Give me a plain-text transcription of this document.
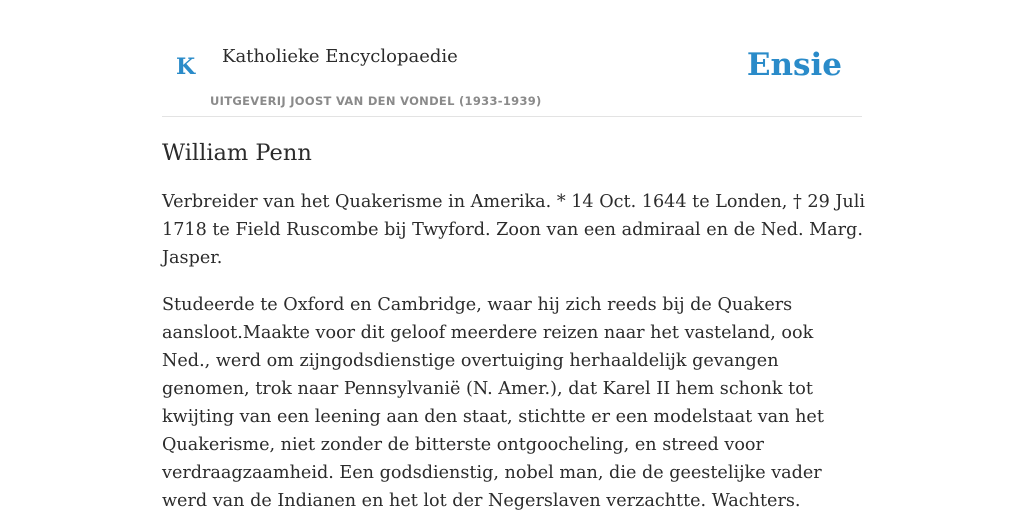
K Katholieke Encyclopaedie
UITGEVERIJ JOOST VAN DEN VONDEL (1933-1939)
Ensie
William Penn

Verbreider van het Quakerisme in Amerika. * 14 Oct. 1644 te Londen, † 29 Juli 1718 te Field Ruscombe bij Twyford. Zoon van een admiraal en de Ned. Marg. Jasper.

Studeerde te Oxford en Cambridge, waar hij zich reeds bij de Quakers aansloot.Maakte voor dit geloof meerdere reizen naar het vasteland, ook Ned., werd om zijngodsdienstige overtuiging herhaaldelijk gevangen genomen, trok naar Pennsylvanië (N. Amer.), dat Karel II hem schonk tot kwijting van een leening aan den staat, stichtte er een modelstaat van het Quakerisme, niet zonder de bitterste ontgoocheling, en streed voor verdraagzaamheid. Een godsdienstig, nobel man, die de geestelijke vader werd van de Indianen en het lot der Negerslaven verzachtte. Wachters.
